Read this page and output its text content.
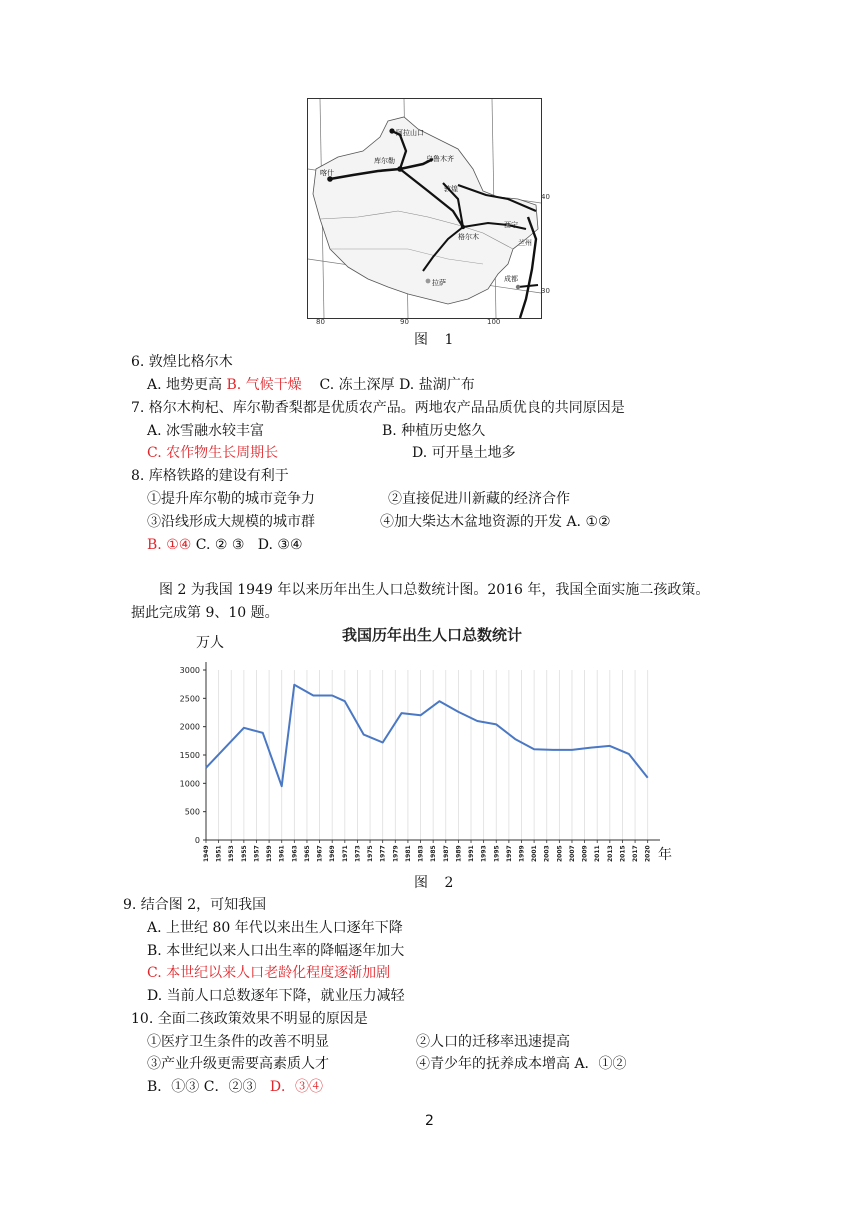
阿拉山口
乌鲁木齐
库尔勒
喀什
敦煌
西宁
兰州
格尔木
成都
拉萨
40
30
80	90	100
图 1
6. 敦煌比格尔木
A. 地势更高 B. 气候干燥 C. 冻土深厚 D. 盐湖广布
7. 格尔木枸杞、库尔勒香梨都是优质农产品。两地农产品品质优良的共同原因是
A. 冰雪融水较丰富	B. 种植历史悠久
C. 农作物生长周期长	D. 可开垦土地多
8. 库格铁路的建设有利于
①提升库尔勒的城市竞争力	②直接促进川新藏的经济合作
③沿线形成大规模的城市群	④加大柴达木盆地资源的开发 A. ①②
B. ①④ C. ② ③ D. ③④
图 2 为我国 1949 年以来历年出生人口总数统计图。2016 年，我国全面实施二孩政策。
据此完成第 9、10 题。
我国历年出生人口总数统计
万人
年
0
500
1000
1500
2000
2500
3000
1949 1951 1953 1955 1957 1959 1961 1963 1965 1967 1969 1971 1973 1975 1977 1979 1981 1983 1985 1987 1989 1991 1993 1995 1997 1999 2001 2003 2005 2007 2009 2011 2013 2015 2017 2020
图 2
9. 结合图 2，可知我国
A. 上世纪 80 年代以来出生人口逐年下降
B. 本世纪以来人口出生率的降幅逐年加大
C. 本世纪以来人口老龄化程度逐渐加剧
D. 当前人口总数逐年下降，就业压力减轻
10. 全面二孩政策效果不明显的原因是
①医疗卫生条件的改善不明显	②人口的迁移率迅速提高
③产业升级更需要高素质人才	④青少年的抚养成本增高 A．①②
B．①③ C．②③ D．③④
2
